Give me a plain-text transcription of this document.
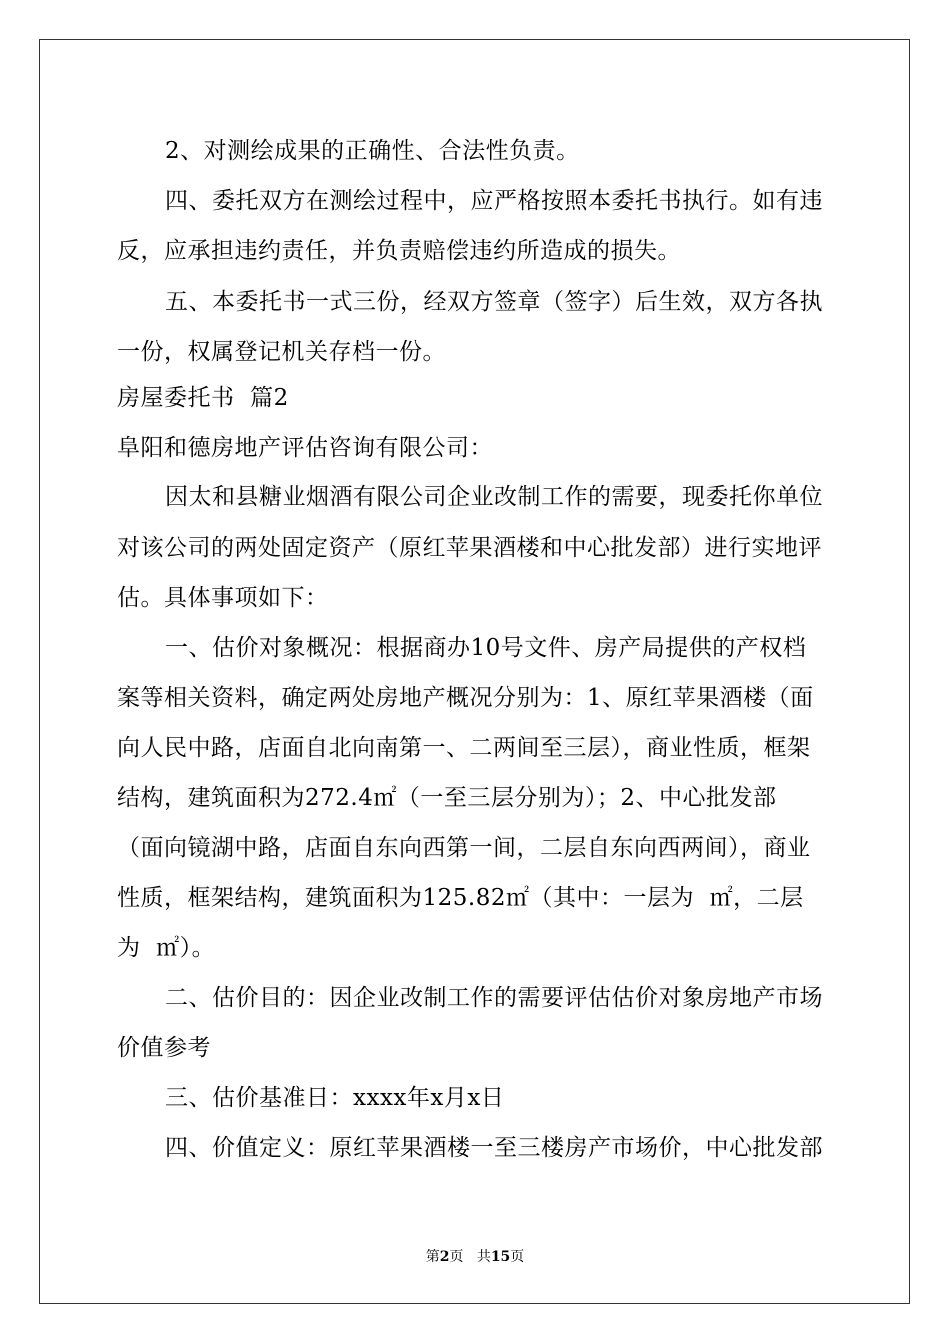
2、对测绘成果的正确性、合法性负责。
四、委托双方在测绘过程中，应严格按照本委托书执行。如有违
反，应承担违约责任，并负责赔偿违约所造成的损失。
五、本委托书一式三份，经双方签章（签字）后生效，双方各执
一份，权属登记机关存档一份。
房屋委托书  篇2
阜阳和德房地产评估咨询有限公司：
因太和县糖业烟酒有限公司企业改制工作的需要，现委托你单位
对该公司的两处固定资产（原红苹果酒楼和中心批发部）进行实地评
估。具体事项如下：
一、估价对象概况：根据商办10号文件、房产局提供的产权档
案等相关资料，确定两处房地产概况分别为：1、原红苹果酒楼（面
向人民中路，店面自北向南第一、二两间至三层），商业性质，框架
结构，建筑面积为272.4㎡（一至三层分别为）；2、中心批发部
（面向镜湖中路，店面自东向西第一间，二层自东向西两间），商业
性质，框架结构，建筑面积为125.82㎡（其中：一层为  ㎡，二层
为  ㎡）。
二、估价目的：因企业改制工作的需要评估估价对象房地产市场
价值参考
三、估价基准日：xxxx年x月x日
四、价值定义：原红苹果酒楼一至三楼房产市场价，中心批发部
第2页 共15页
